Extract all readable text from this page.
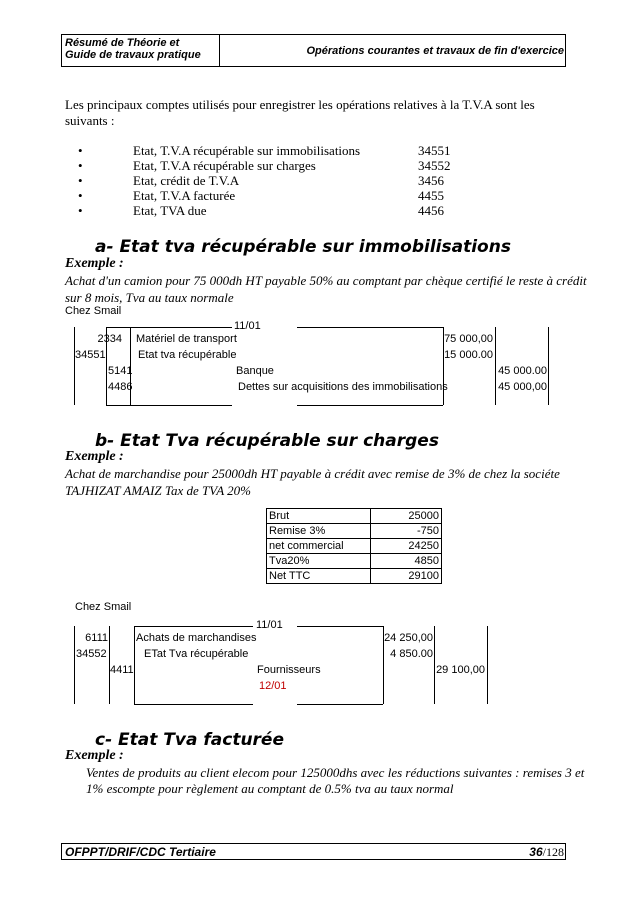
Résumé de Théorie et
Guide de travaux pratique	Opérations courantes et travaux de fin d'exercice
Les principaux comptes utilisés pour enregistrer les opérations relatives à la T.V.A sont les
suivants :
•	Etat, T.V.A récupérable sur immobilisations	34551
•	Etat, T.V.A récupérable sur charges	34552
•	Etat, crédit de T.V.A	3456
•	Etat, T.V.A facturée	4455
•	Etat, TVA due	4456
a- Etat tva récupérable sur immobilisations
Exemple :
Achat d'un camion pour 75 000dh HT payable 50% au comptant par chèque certifié le reste à crédit
sur 8 mois, Tva au taux normale
Chez Smail
11/01
2334 Matériel de transport	75 000,00
34551	Etat tva récupérable	15 000.00
5141	Banque	45 000.00
4486	Dettes sur acquisitions des immobilisations	45 000,00
b- Etat Tva récupérable sur charges
Exemple :
Achat de marchandise pour 25000dh HT payable à crédit avec remise de 3% de chez la sociéte
TAJHIZAT AMAIZ Tax de TVA 20%
Brut	25000
Remise 3%	-750
net commercial	24250
Tva20%	4850
Net TTC	29100
Chez Smail
11/01
6111	Achats de marchandises	24 250,00
34552	ETat Tva récupérable	4 850.00
4411	Fournisseurs	29 100,00
12/01
c- Etat Tva facturée
Exemple :
Ventes de produits au client elecom pour 125000dhs avec les réductions suivantes : remises 3 et
1% escompte pour règlement au comptant de 0.5% tva au taux normal
OFPPT/DRIF/CDC Tertiaire	36/128
